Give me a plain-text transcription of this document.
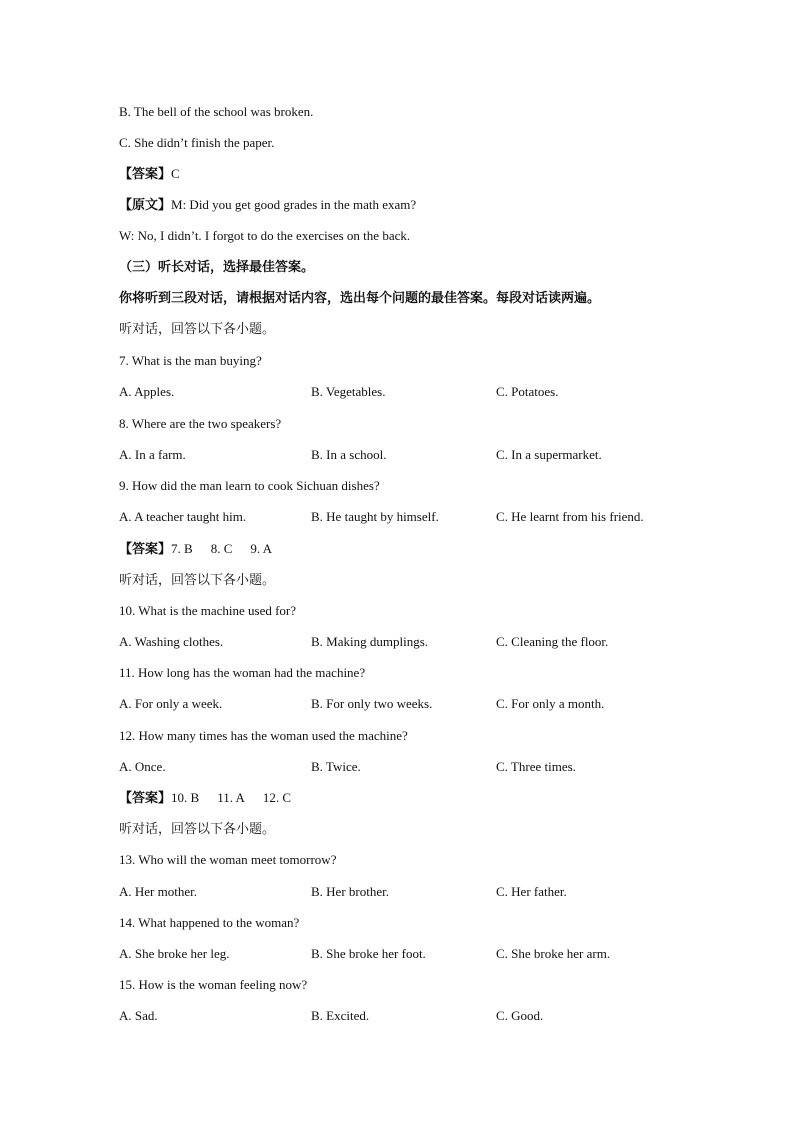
B. The bell of the school was broken.
C. She didn’t finish the paper.
【答案】C
【原文】M: Did you get good grades in the math exam?
W: No, I didn’t. I forgot to do the exercises on the back.
（三）听长对话，选择最佳答案。
你将听到三段对话，请根据对话内容，选出每个问题的最佳答案。每段对话读两遍。
听对话，回答以下各小题。
7. What is the man buying?
A. Apples.	B. Vegetables.	C. Potatoes.
8. Where are the two speakers?
A. In a farm.	B. In a school.	C. In a supermarket.
9. How did the man learn to cook Sichuan dishes?
A. A teacher taught him.	B. He taught by himself.	C. He learnt from his friend.
【答案】7. B 8. C 9. A
听对话，回答以下各小题。
10. What is the machine used for?
A. Washing clothes.	B. Making dumplings.	C. Cleaning the floor.
11. How long has the woman had the machine?
A. For only a week.	B. For only two weeks.	C. For only a month.
12. How many times has the woman used the machine?
A. Once.	B. Twice.	C. Three times.
【答案】10. B 11. A 12. C
听对话，回答以下各小题。
13. Who will the woman meet tomorrow?
A. Her mother.	B. Her brother.	C. Her father.
14. What happened to the woman?
A. She broke her leg.	B. She broke her foot.	C. She broke her arm.
15. How is the woman feeling now?
A. Sad.	B. Excited.	C. Good.
